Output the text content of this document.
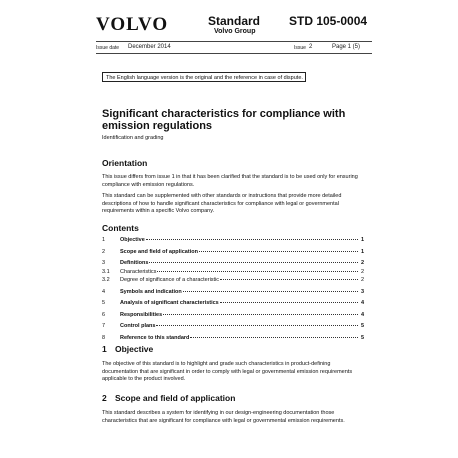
VOLVO	Standard
Volvo Group
STD 105-0004
Issue date December 2014	Issue 2	Page 1 (5)
The English language version is the original and the reference in case of dispute.
Significant characteristics for compliance with emission regulations
Identification and grading
Orientation
This issue differs from issue 1 in that it has been clarified that the standard is to be used only for ensuring compliance with emission regulations.
This standard can be supplemented with other standards or instructions that provide more detailed descriptions of how to handle significant characteristics for compliance with legal or governmental requirements within a specific Volvo company.
Contents
1	Objective	1
2	Scope and field of application	1
3	Definitions	2
3.1	Characteristics	2
3.2	Degree of significance of a characteristic	2
4	Symbols and indication	3
5	Analysis of significant characteristics	4
6	Responsibilities	4
7	Control plans	5
8	Reference to this standard	5
1 Objective
The objective of this standard is to highlight and grade such characteristics in product-defining documentation that are significant in order to comply with legal or governmental emission requirements applicable to the product involved.
2 Scope and field of application
This standard describes a system for identifying in our design-engineering documentation those characteristics that are significant for compliance with legal or governmental emission requirements.
